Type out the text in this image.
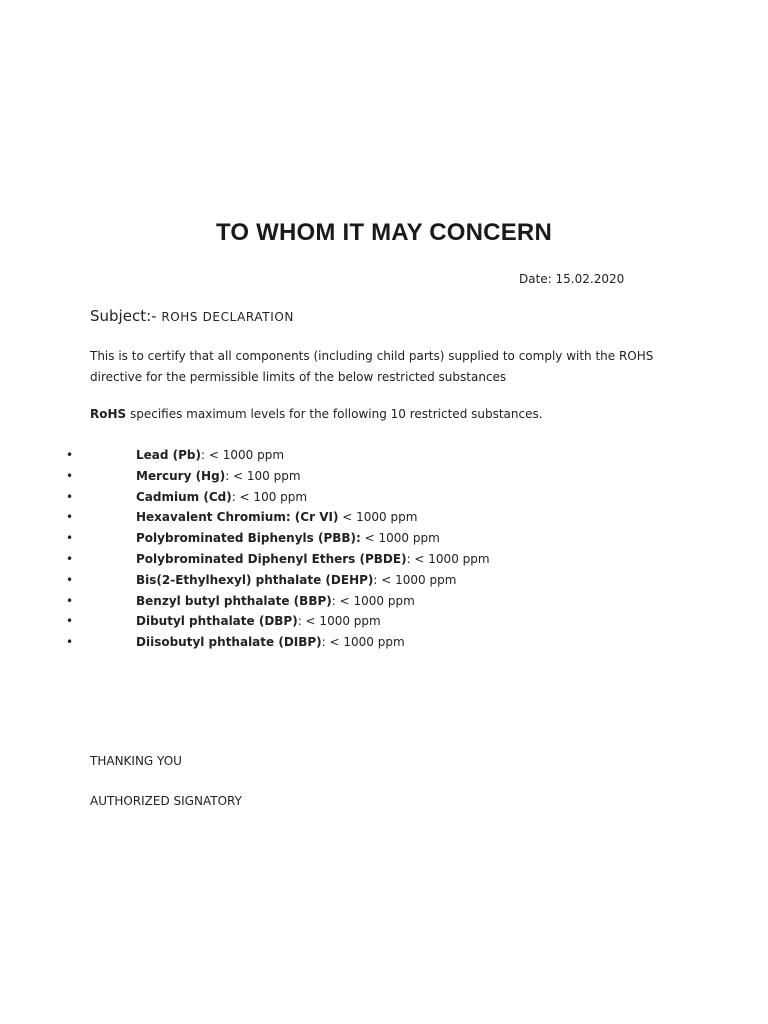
TO WHOM IT MAY CONCERN
Date: 15.02.2020
Subject:- ROHS DECLARATION
This is to certify that all components (including child parts) supplied to comply with the ROHS directive for the permissible limits of the below restricted substances
RoHS specifies maximum levels for the following 10 restricted substances.
•	Lead (Pb): < 1000 ppm
•	Mercury (Hg): < 100 ppm
•	Cadmium (Cd): < 100 ppm
•	Hexavalent Chromium: (Cr VI) < 1000 ppm
•	Polybrominated Biphenyls (PBB): < 1000 ppm
•	Polybrominated Diphenyl Ethers (PBDE): < 1000 ppm
•	Bis(2-Ethylhexyl) phthalate (DEHP): < 1000 ppm
•	Benzyl butyl phthalate (BBP): < 1000 ppm
•	Dibutyl phthalate (DBP): < 1000 ppm
•	Diisobutyl phthalate (DIBP): < 1000 ppm
THANKING YOU
AUTHORIZED SIGNATORY
